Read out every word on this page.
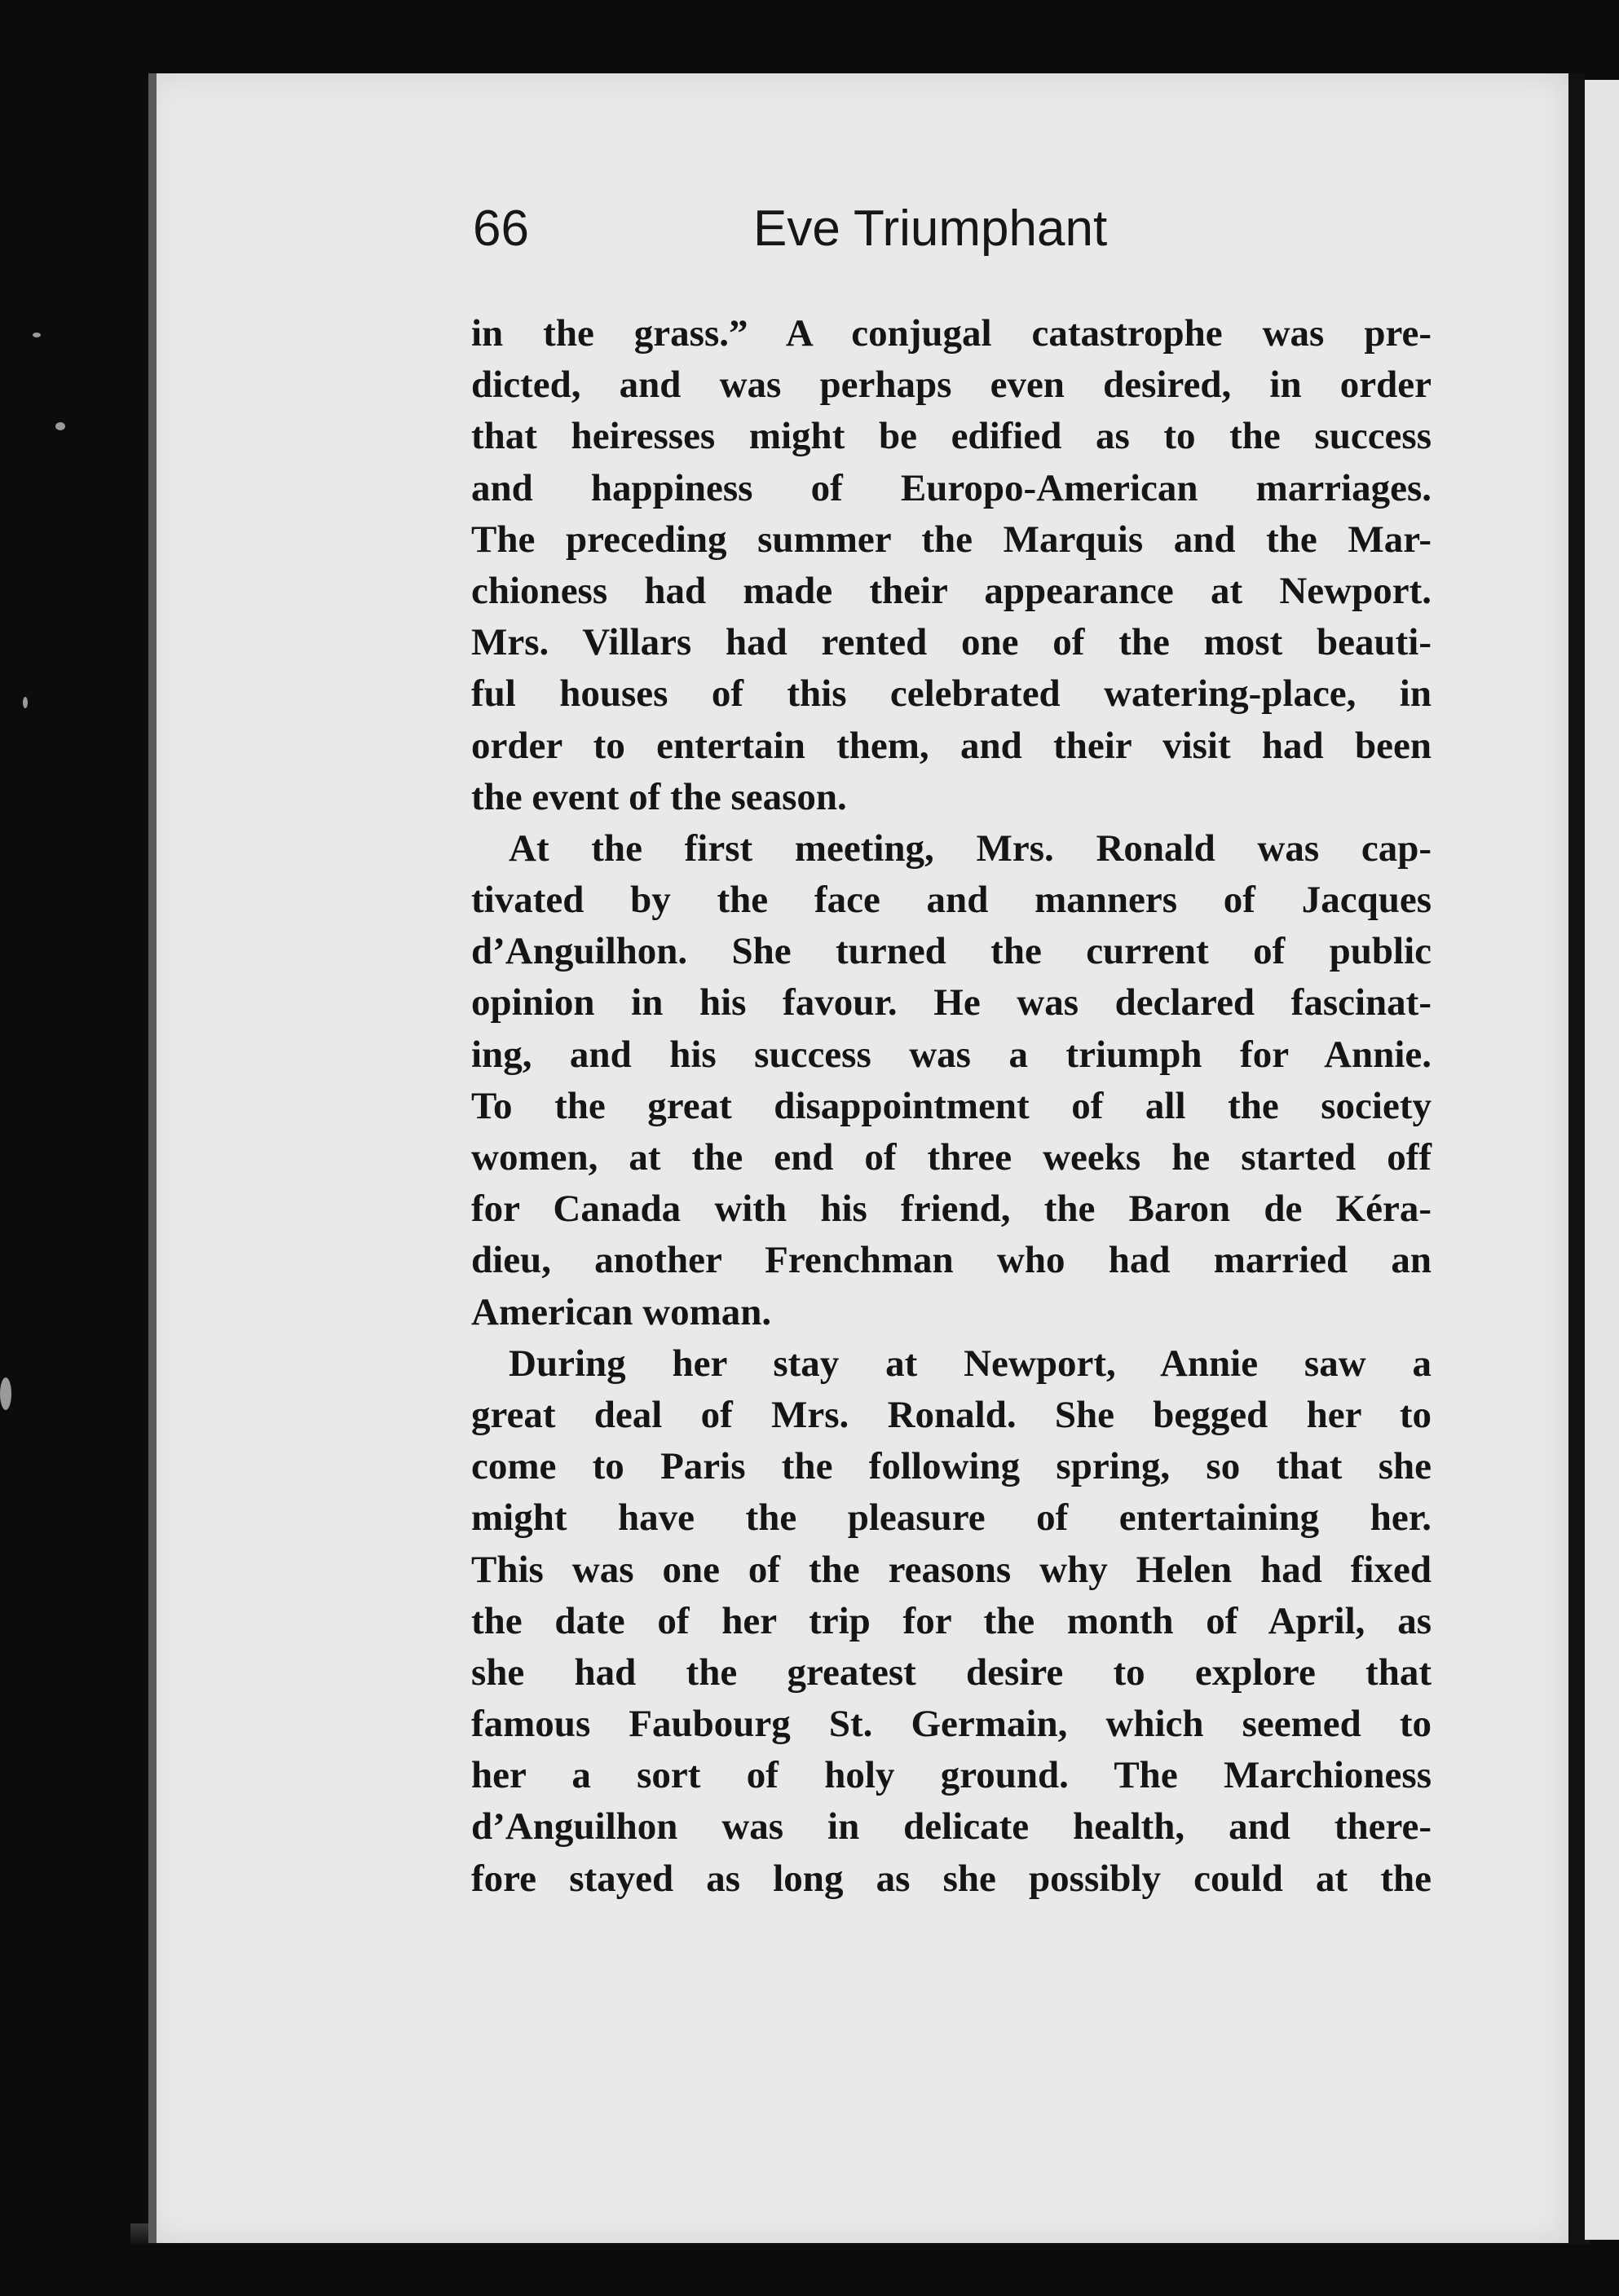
66	Eve Triumphant
in the grass.” A conjugal catastrophe was pre-
dicted, and was perhaps even desired, in order
that heiresses might be edified as to the success
and happiness of Europo-American marriages.
The preceding summer the Marquis and the Mar-
chioness had made their appearance at Newport.
Mrs. Villars had rented one of the most beauti-
ful houses of this celebrated watering-place, in
order to entertain them, and their visit had been
the event of the season.
At the first meeting, Mrs. Ronald was cap-
tivated by the face and manners of Jacques
d’Anguilhon. She turned the current of public
opinion in his favour. He was declared fascinat-
ing, and his success was a triumph for Annie.
To the great disappointment of all the society
women, at the end of three weeks he started off
for Canada with his friend, the Baron de Kéra-
dieu, another Frenchman who had married an
American woman.
During her stay at Newport, Annie saw a
great deal of Mrs. Ronald. She begged her to
come to Paris the following spring, so that she
might have the pleasure of entertaining her.
This was one of the reasons why Helen had fixed
the date of her trip for the month of April, as
she had the greatest desire to explore that
famous Faubourg St. Germain, which seemed to
her a sort of holy ground. The Marchioness
d’Anguilhon was in delicate health, and there-
fore stayed as long as she possibly could at the
